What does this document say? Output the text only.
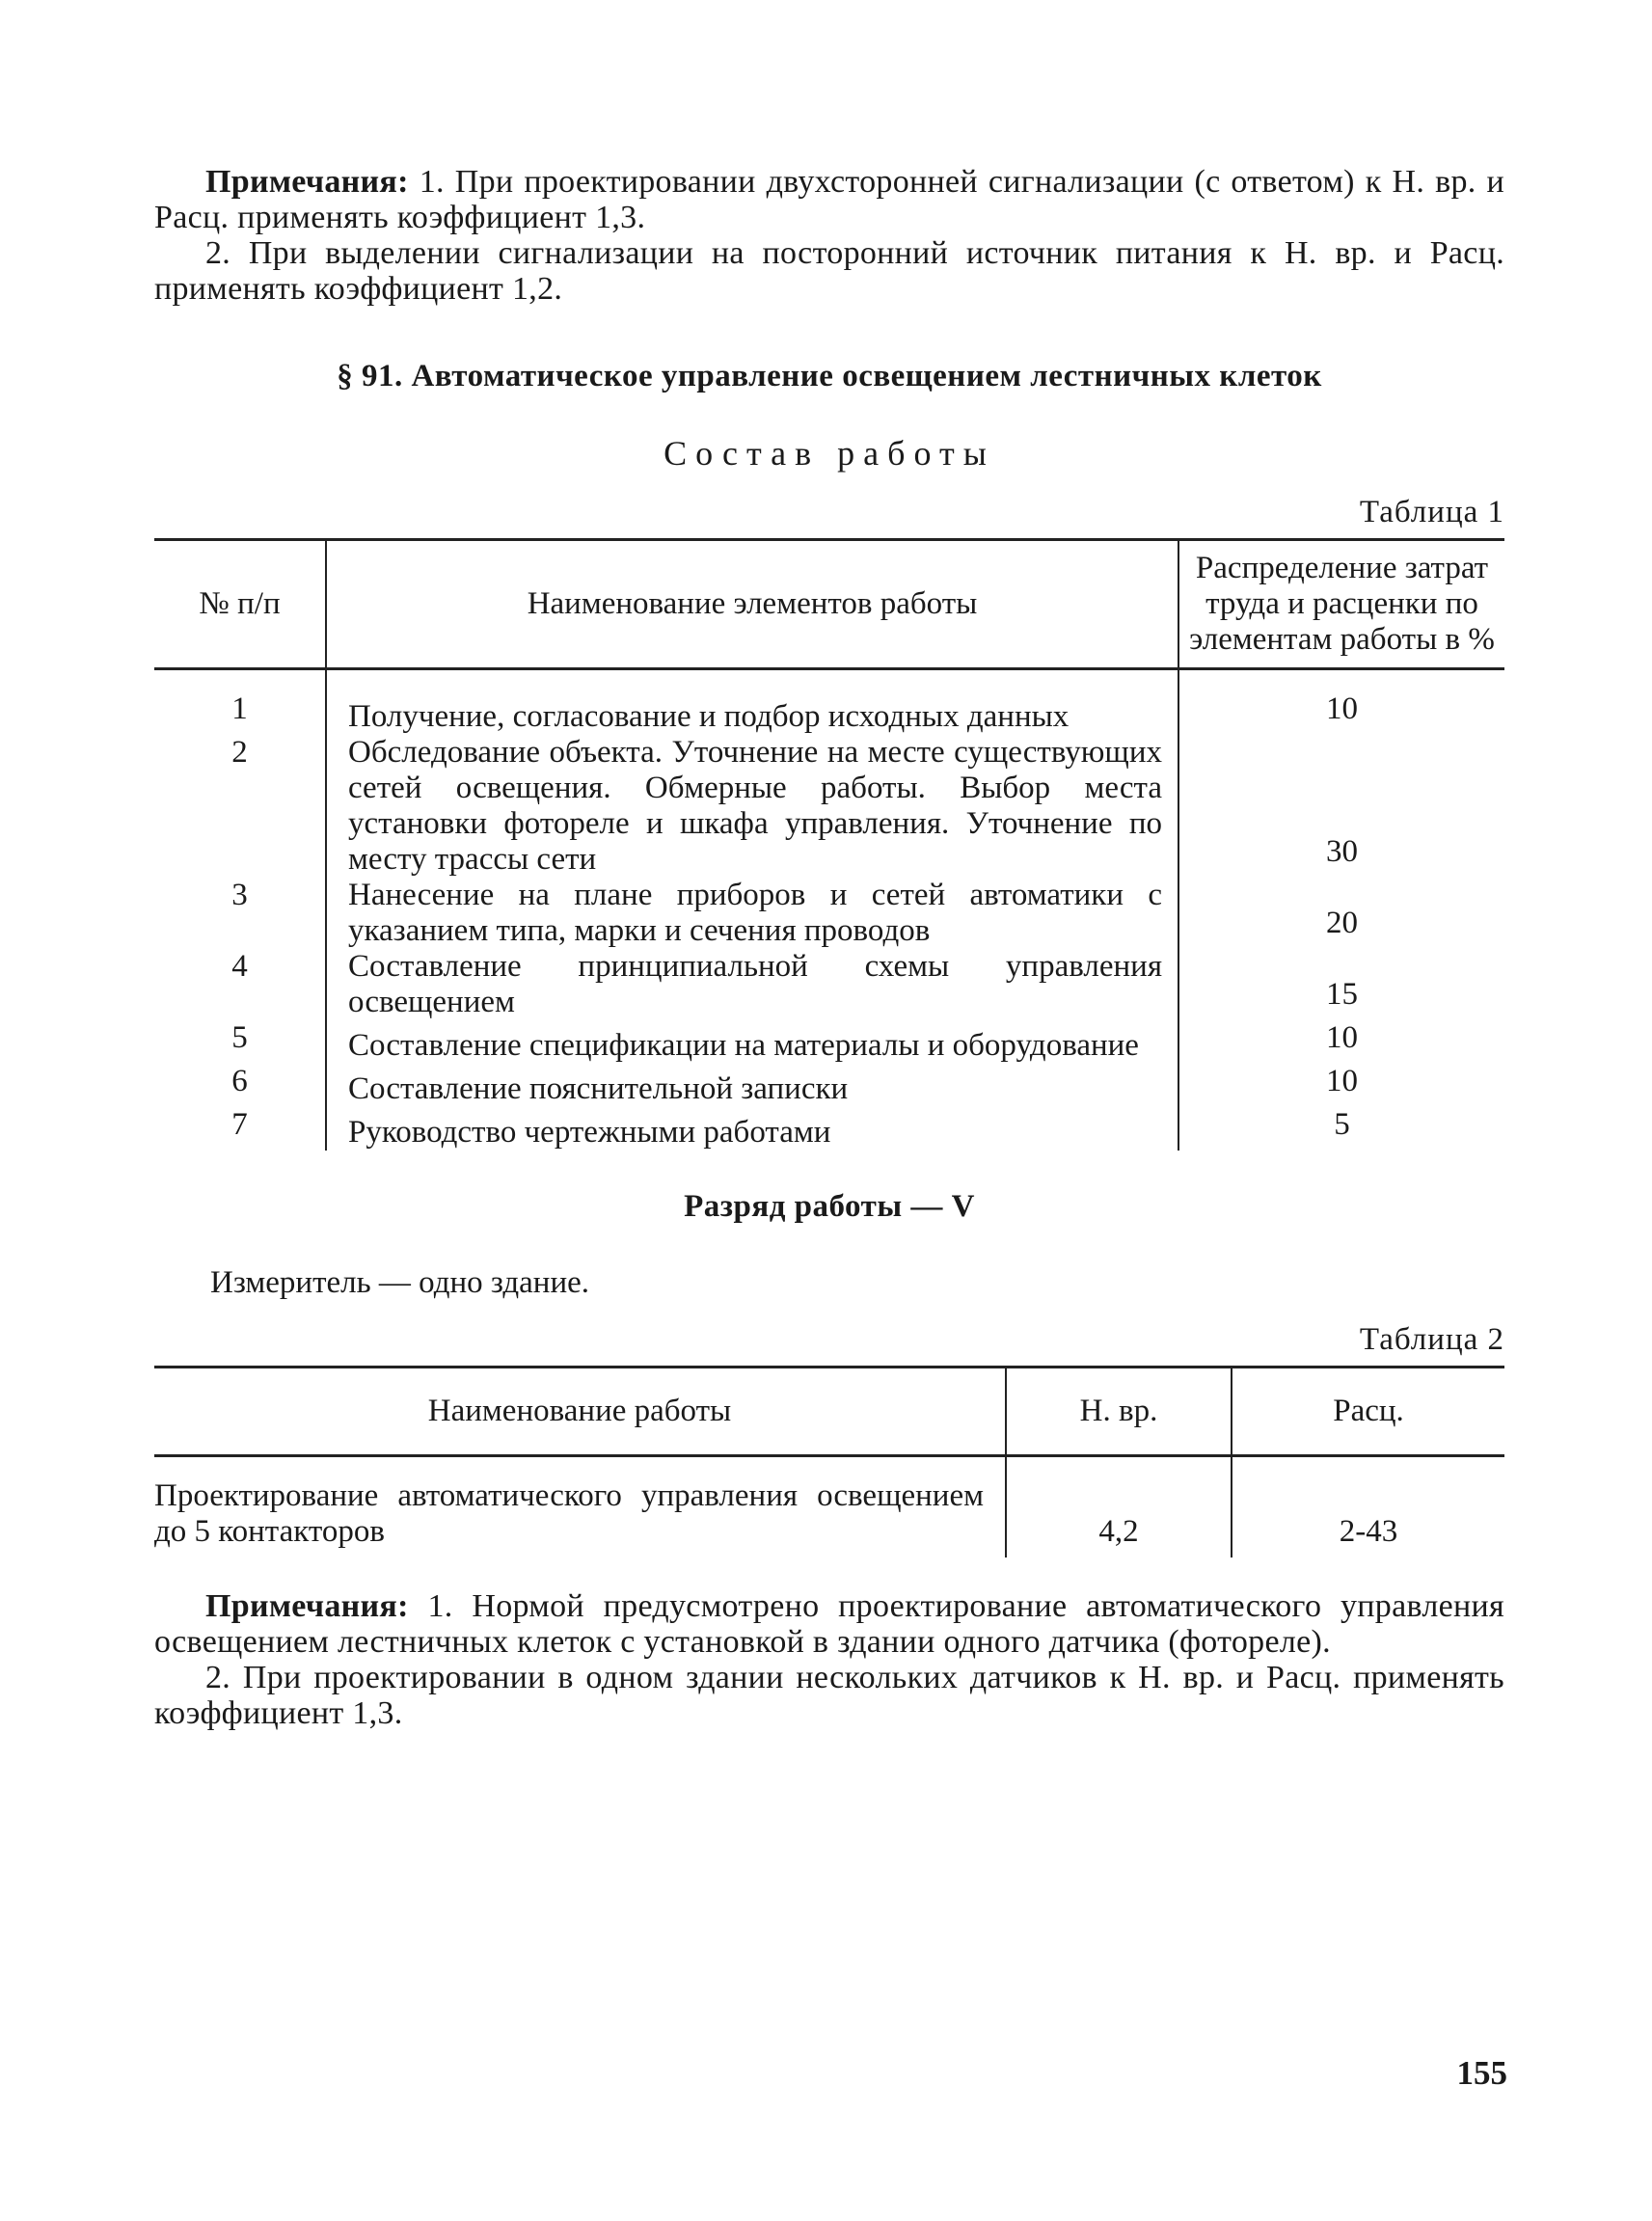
Примечания: 1. При проектировании двухсторонней сигнализации (с ответом) к Н. вр. и Расц. применять коэффициент 1,3.

2. При выделении сигнализации на посторонний источник питания к Н. вр. и Расц. применять коэффициент 1,2.

§ 91. Автоматическое управление освещением лестничных клеток
Состав работы
Таблица 1
№ п/п	Наименование элементов работы	Распределение затрат труда и расценки по элементам работы в %
1	Получение, согласование и подбор исходных данных	10
2	Обследование объекта. Уточнение на месте существующих сетей освещения. Обмерные работы. Выбор места установки фотореле и шкафа управления. Уточнение по месту трассы сети	30
3	Нанесение на плане приборов и сетей автоматики с указанием типа, марки и сечения проводов	20
4	Составление принципиальной схемы управления освещением	15
5	Составление спецификации на материалы и оборудование	10
6	Составление пояснительной записки	10
7	Руководство чертежными работами	5
Разряд работы — V
Измеритель — одно здание.
Таблица 2
Наименование работы	Н. вр.	Расц.
Проектирование автоматического управления освещением до 5 контакторов	4,2	2-43

Примечания: 1. Нормой предусмотрено проектирование автоматического управления освещением лестничных клеток с установкой в здании одного датчика (фотореле).

2. При проектировании в одном здании нескольких датчиков к Н. вр. и Расц. применять коэффициент 1,3.

155
